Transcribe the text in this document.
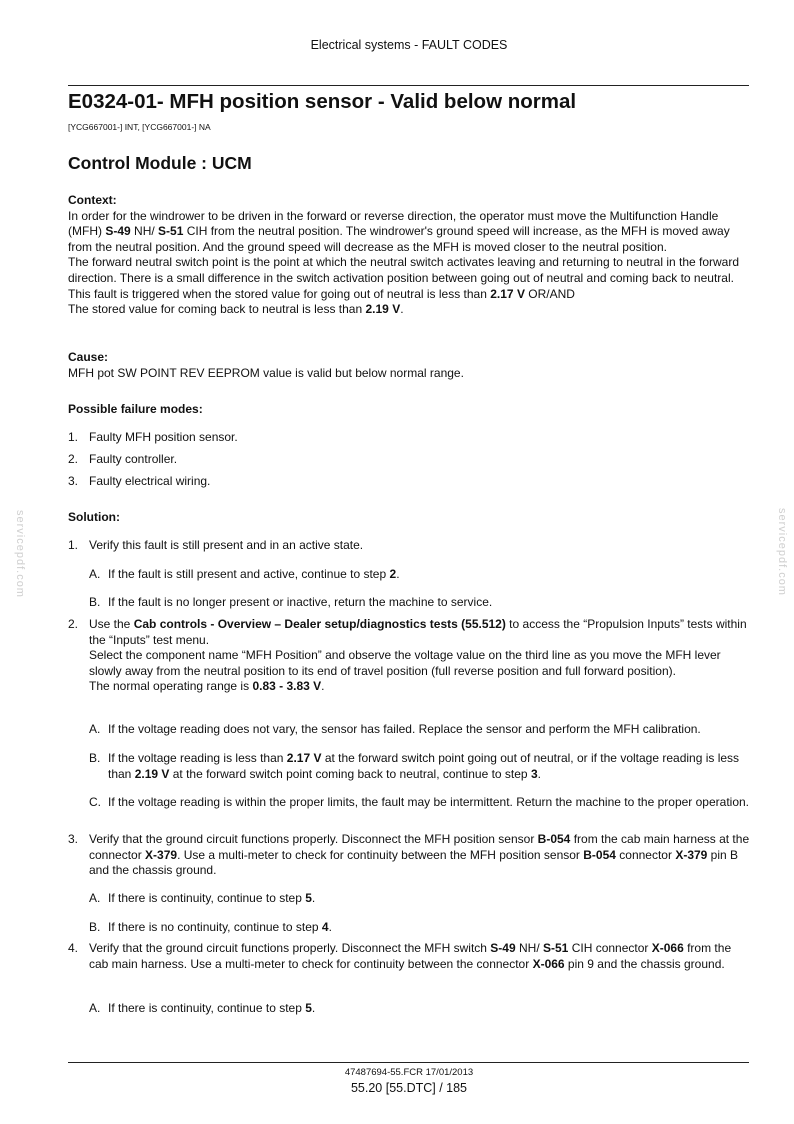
Electrical systems - FAULT CODES
E0324-01- MFH position sensor - Valid below normal
[YCG667001-] INT, [YCG667001-] NA
Control Module : UCM
Context:

In order for the windrower to be driven in the forward or reverse direction, the operator must move the Multifunction Handle (MFH) S-49 NH/ S-51 CIH from the neutral position. The windrower's ground speed will increase, as the MFH is moved away from the neutral position. And the ground speed will decrease as the MFH is moved closer to the neutral position.

The forward neutral switch point is the point at which the neutral switch activates leaving and returning to neutral in the forward direction. There is a small difference in the switch activation position between going out of neutral and coming back to neutral. This fault is triggered when the stored value for going out of neutral is less than 2.17 V OR/AND

The stored value for coming back to neutral is less than 2.19 V.

Cause:

MFH pot SW POINT REV EEPROM value is valid but below normal range.

Possible failure modes:
1. Faulty MFH position sensor.
2. Faulty controller.
3. Faulty electrical wiring.
Solution:
1. Verify this fault is still present and in an active state.
A. If the fault is still present and active, continue to step 2.
B. If the fault is no longer present or inactive, return the machine to service.
2. Use the Cab controls - Overview – Dealer setup/diagnostics tests (55.512) to access the “Propulsion Inputs” tests within the “Inputs” test menu.
Select the component name “MFH Position” and observe the voltage value on the third line as you move the MFH lever slowly away from the neutral position to its end of travel position (full reverse position and full forward position).
The normal operating range is 0.83 - 3.83 V.
A. If the voltage reading does not vary, the sensor has failed. Replace the sensor and perform the MFH calibration.
B. If the voltage reading is less than 2.17 V at the forward switch point going out of neutral, or if the voltage reading is less than 2.19 V at the forward switch point coming back to neutral, continue to step 3.
C. If the voltage reading is within the proper limits, the fault may be intermittent. Return the machine to the proper operation.
3. Verify that the ground circuit functions properly. Disconnect the MFH position sensor B-054 from the cab main harness at the connector X-379. Use a multi-meter to check for continuity between the MFH position sensor B-054 connector X-379 pin B and the chassis ground.
A. If there is continuity, continue to step 5.
B. If there is no continuity, continue to step 4.
4. Verify that the ground circuit functions properly. Disconnect the MFH switch S-49 NH/ S-51 CIH connector X-066 from the cab main harness. Use a multi-meter to check for continuity between the connector X-066 pin 9 and the chassis ground.
A. If there is continuity, continue to step 5.
servicepdf.com	servicepdf.com
47487694-55.FCR 17/01/2013
55.20 [55.DTC] / 185
